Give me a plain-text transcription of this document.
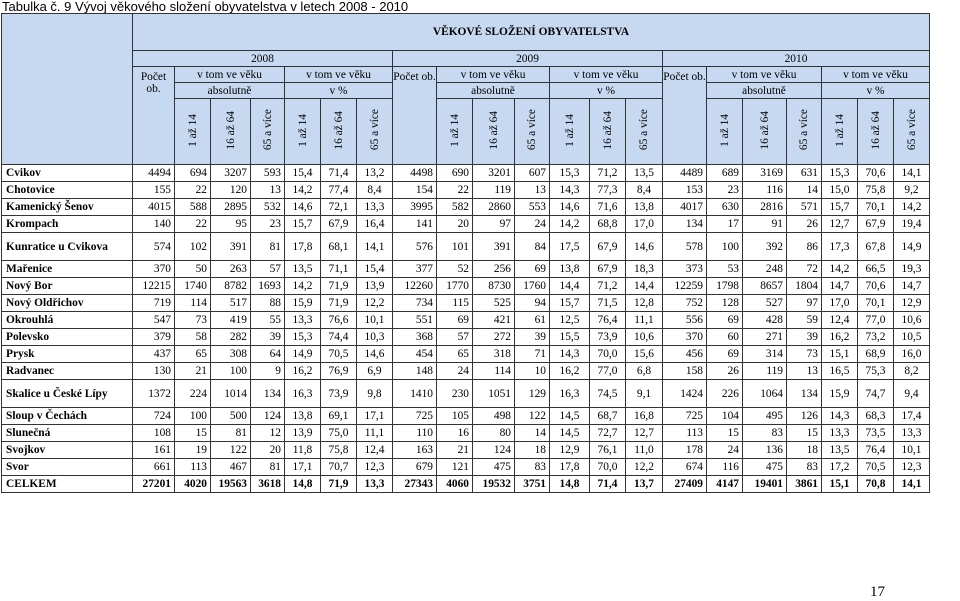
Tabulka č. 9 Vývoj věkového složení obyvatelstva v letech 2008 - 2010
	VĚKOVÉ SLOŽENÍ OBYVATELSTVA																				
	2008							2009							2010						
	Počet ob.	v tom ve věku			v tom ve věku			Počet ob.	v tom ve věku			v tom ve věku			Počet ob.	v tom ve věku			v tom ve věku		
		absolutně			v %				absolutně			v %				absolutně			v %		
		1 až 14	16 až 64	65 a více	1 až 14	16 až 64	65 a více		1 až 14	16 až 64	65 a více	1 až 14	16 až 64	65 a více		1 až 14	16 až 64	65 a více	1 až 14	16 až 64	65 a více
Cvikov	4494	694	3207	593	15,4	71,4	13,2	4498	690	3201	607	15,3	71,2	13,5	4489	689	3169	631	15,3	70,6	14,1
Chotovice	155	22	120	13	14,2	77,4	8,4	154	22	119	13	14,3	77,3	8,4	153	23	116	14	15,0	75,8	9,2
Kamenický Šenov	4015	588	2895	532	14,6	72,1	13,3	3995	582	2860	553	14,6	71,6	13,8	4017	630	2816	571	15,7	70,1	14,2
Krompach	140	22	95	23	15,7	67,9	16,4	141	20	97	24	14,2	68,8	17,0	134	17	91	26	12,7	67,9	19,4
Kunratice u Cvikova	574	102	391	81	17,8	68,1	14,1	576	101	391	84	17,5	67,9	14,6	578	100	392	86	17,3	67,8	14,9
Mařenice	370	50	263	57	13,5	71,1	15,4	377	52	256	69	13,8	67,9	18,3	373	53	248	72	14,2	66,5	19,3
Nový Bor	12215	1740	8782	1693	14,2	71,9	13,9	12260	1770	8730	1760	14,4	71,2	14,4	12259	1798	8657	1804	14,7	70,6	14,7
Nový Oldřichov	719	114	517	88	15,9	71,9	12,2	734	115	525	94	15,7	71,5	12,8	752	128	527	97	17,0	70,1	12,9
Okrouhlá	547	73	419	55	13,3	76,6	10,1	551	69	421	61	12,5	76,4	11,1	556	69	428	59	12,4	77,0	10,6
Polevsko	379	58	282	39	15,3	74,4	10,3	368	57	272	39	15,5	73,9	10,6	370	60	271	39	16,2	73,2	10,5
Prysk	437	65	308	64	14,9	70,5	14,6	454	65	318	71	14,3	70,0	15,6	456	69	314	73	15,1	68,9	16,0
Radvanec	130	21	100	9	16,2	76,9	6,9	148	24	114	10	16,2	77,0	6,8	158	26	119	13	16,5	75,3	8,2
Skalice u České Lípy	1372	224	1014	134	16,3	73,9	9,8	1410	230	1051	129	16,3	74,5	9,1	1424	226	1064	134	15,9	74,7	9,4
Sloup v Čechách	724	100	500	124	13,8	69,1	17,1	725	105	498	122	14,5	68,7	16,8	725	104	495	126	14,3	68,3	17,4
Slunečná	108	15	81	12	13,9	75,0	11,1	110	16	80	14	14,5	72,7	12,7	113	15	83	15	13,3	73,5	13,3
Svojkov	161	19	122	20	11,8	75,8	12,4	163	21	124	18	12,9	76,1	11,0	178	24	136	18	13,5	76,4	10,1
Svor	661	113	467	81	17,1	70,7	12,3	679	121	475	83	17,8	70,0	12,2	674	116	475	83	17,2	70,5	12,3
CELKEM	27201	4020	19563	3618	14,8	71,9	13,3	27343	4060	19532	3751	14,8	71,4	13,7	27409	4147	19401	3861	15,1	70,8	14,1
17
